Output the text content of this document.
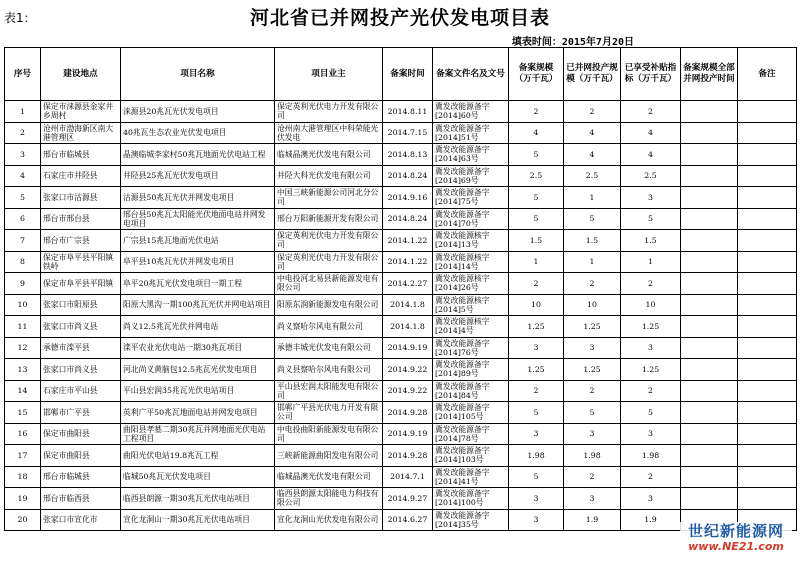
表1：	河北省已并网投产光伏发电项目表
填表时间：2015年7月20日
序号	建设地点	项目名称	项目业主	备案时间	备案文件名及文号	备案规模（万千瓦）	已并网投产规模（万千瓦）	已享受补贴指标（万千瓦）	备案规模全部并网投产时间	备注
1	保定市涞源县金家井乡周村	涞源县20兆瓦光伏发电项目	保定英利光伏电力开发有限公司	2014.8.11	冀发改能源备字[2014]60号	2	2	2		
2	沧州市渤海新区南大港管理区	40兆瓦生态农业光伏发电项目	沧州南大港管理区中科荣能光伏发电	2014.7.15	冀发改能源备字[2014]51号	4	4	4		
3	邢台市临城县	晶澳临城李家村50兆瓦地面光伏电站工程	临城晶澳光伏发电有限公司	2014.8.13	冀发改能源备字[2014]63号	5	4	4		
4	石家庄市井陉县	井陉县25兆瓦光伏发电项目	井陉大科光伏发电有限公司	2014.8.24	冀发改能源备字[2014]69号	2.5	2.5	2.5		
5	张家口市沽源县	沽源县50兆瓦光伏并网发电项目	中国三峡新能源公司河北分公司	2014.9.16	冀发改能源备字[2014]75号	5	1	3		
6	邢台市邢台县	邢台县50兆瓦太阳能光伏地面电站并网发电项目	邢台万阳新能源开发有限公司	2014.8.24	冀发改能源备字[2014]70号	5	5	5		
7	邢台市广宗县	广宗县15兆瓦地面光伏电站	保定英利光伏电力开发有限公司	2014.1.22	冀发改能源核字[2014]13号	1.5	1.5	1.5		
8	保定市阜平县平阳镇铁岭	阜平县10兆瓦光伏并网发电项目	保定英利光伏电力开发有限公司	2014.1.22	冀发改能源核字[2014]14号	1	1	1		
9	保定市阜平县平阳镇	阜平20兆瓦光伏发电项目一期工程	中电投河北易县新能源发电有限公司	2014.2.27	冀发改能源核字[2014]26号	2	2	2		
10	张家口市阳原县	阳原大黑沟一期100兆瓦光伏并网电站项目	阳原东润新能源发电有限公司	2014.1.8	冀发改能源核字[2014]5号	10	10	10		
11	张家口市尚义县	尚义12.5兆瓦光伏并网电站	尚义察哈尔风电有限公司	2014.1.8	冀发改能源核字[2014]4号	1.25	1.25	1.25		
12	承德市滦平县	滦平农业光伏电站一期30兆瓦项目	承德丰城光伏发电有限公司	2014.9.19	冀发改能源备字[2014]76号	3	3	3		
13	张家口市尚义县	河北尚义黄脑包12.5兆瓦光伏发电项目	尚义县察哈尔风电有限公司	2014.9.22	冀发改能源备字[2014]89号	1.25	1.25	1.25		
14	石家庄市平山县	平山县宏润35兆瓦光伏电站项目	平山县宏润太阳能发电有限公司	2014.9.22	冀发改能源备字[2014]84号	2	2	2		
15	邯郸市广平县	英利广平50兆瓦地面电站并网发电项目	邯郸广平县光伏电力开发有限公司	2014.9.28	冀发改能源备字[2014]105号	5	5	5		
16	保定市曲阳县	曲阳县孝墓二期30兆瓦并网地面光伏电站工程项目	中电投曲阳新能源发电有限公司	2014.9.19	冀发改能源备字[2014]78号	3	3	3		
17	保定市曲阳县	曲阳光伏电站19.8兆瓦工程	三峡新能源曲阳发电有限公司	2014.9.28	冀发改能源备字[2014]103号	1.98	1.98	1.98		
18	邢台市临城县	临城50兆瓦光伏发电项目	临城晶澳光伏发电有限公司	2014.7.1	冀发改能源备字[2014]41号	5	2	2		
19	邢台市临西县	临西县朗源一期30兆瓦光伏电站项目	临西县朗源太阳能电力科技有限公司	2014.9.27	冀发改能源备字[2014]100号	3	3	3		
20	张家口市宣化市	宣化龙洞山一期30兆瓦光伏电站项目	宣化龙洞山光伏发电有限公司	2014.6.27	冀发改能源备字[2014]35号	3	1.9	1.9		
世纪新能源网
www.NE21.com
